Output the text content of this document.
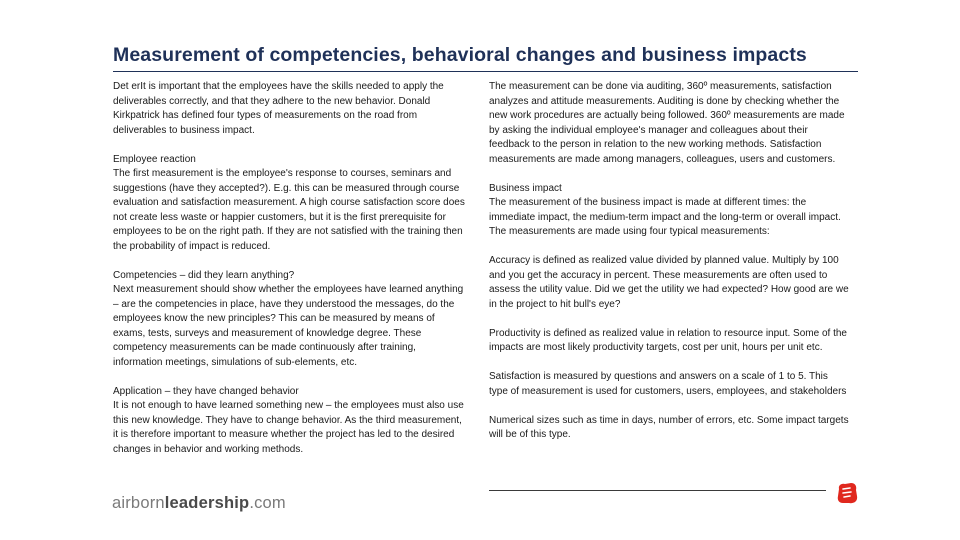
Measurement of competencies, behavioral changes and business impacts

Det erIt is important that the employees have the skills needed to apply the deliverables correctly, and that they adhere to the new behavior. Donald Kirkpatrick has defined four types of measurements on the road from deliverables to business impact.

Employee reaction
The first measurement is the employee's response to courses, seminars and suggestions (have they accepted?). E.g. this can be measured through course evaluation and satisfaction measurement. A high course satisfaction score does not create less waste or happier customers, but it is the first prerequisite for employees to be on the right path. If they are not satisfied with the training then the probability of impact is reduced.

Competencies – did they learn anything?
Next measurement should show whether the employees have learned anything – are the competencies in place, have they understood the messages, do the employees know the new principles? This can be measured by means of exams, tests, surveys and measurement of knowledge degree. These competency measurements can be made continuously after training, information meetings, simulations of sub-elements, etc.

Application – they have changed behavior
It is not enough to have learned something new – the employees must also use this new knowledge. They have to change behavior. As the third measurement, it is therefore important to measure whether the project has led to the desired changes in behavior and working methods.

The measurement can be done via auditing, 360º measurements, satisfaction analyzes and attitude measurements. Auditing is done by checking whether the new work procedures are actually being followed. 360º measurements are made by asking the individual employee's manager and colleagues about their feedback to the person in relation to the new working methods. Satisfaction measurements are made among managers, colleagues, users and customers.

Business impact
The measurement of the business impact is made at different times: the immediate impact, the medium-term impact and the long-term or overall impact. The measurements are made using four typical measurements:

Accuracy is defined as realized value divided by planned value. Multiply by 100 and you get the accuracy in percent. These measurements are often used to assess the utility value. Did we get the utility we had expected? How good are we in the project to hit bull's eye?

Productivity is defined as realized value in relation to resource input. Some of the impacts are most likely productivity targets, cost per unit, hours per unit etc.

Satisfaction is measured by questions and answers on a scale of 1 to 5. This type of measurement is used for customers, users, employees, and stakeholders

Numerical sizes such as time in days, number of errors, etc. Some impact targets will be of this type.

airbornleadership.com
